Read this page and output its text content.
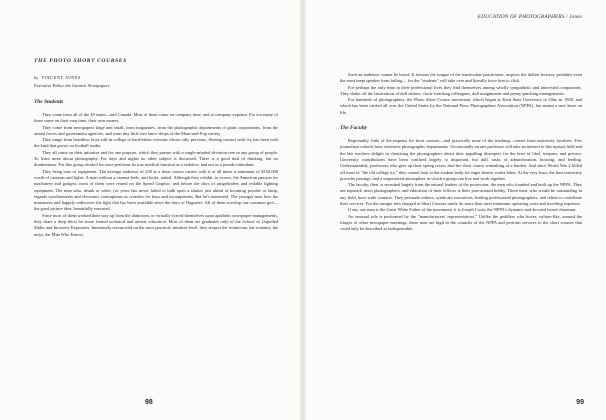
THE PHOTO SHORT COURSES
by VINCENT JONES
Executive Editor the Gannett Newspapers
The Students

They come from all of the 48 states—and Canada. Most of them come on company time, and at company expense. Far too many of them come on their own time, their own money.

They come from newspapers large and small, from magazines, from the photographic departments of giant corporations, from the armed forces and government agencies, and from tiny little free lance shops of the Mom-and-Pop variety.

They range from beardless boys still in college to hard-bitten veterans whose only previous, fleeting contact with ivy has been with the kind that grows on football stadia.

They all come on their initiative and for one purpose, which they pursue with a single-minded devotion rare in any group of people: To learn more about photography. For days and nights no other subject is discussed. There is a good deal of drinking, but no drunkenness. For this group alcohol for once performs its true medical function as a sedative, and not as a pseudo-stimulant.

They bring tons of equipment. The average audience of 250 at a short course carries with it at all times a minimum of $150,000 worth of cameras and lights. A man without a camera feels, and looks, naked. Although they exhibit, to excess, the American passion for machinery and gadgets, most of them were reared on the Speed Graphic, and before the days of rangefinders and reliable lighting equipment. The man who, drunk or sober, (or years has never failed to bulb open a shutter just ahead of booming powder or lamp, regards synchronizers and electronic contraptions as crutches for boys and incompetents. But he's interested. The younger men love the miniatures and happily rediscover the light that has been available since the days of Daguerre. All of them worship one common god—the good picture idea, beautifully executed.

Since most of them worked their way up from the darkroom, or virtually forced themselves upon apathetic newspaper managements, they share a deep thirst for more formal technical and artistic education. Most of them are graduates only of the School of Unpulled Slides and Incorrect Exposures. Immensely resourceful on the most practical, intuitive level, they respect the technician, the scientist, the artist, the Man Who Knows.

98
EDUCATION OF PHOTOGRAPHERS / Jones

Such an audience cannot be bored. It loosens the tongue of the inarticulate practitioner, inspires the dullest lecturer, prohibits even the most inept speaker from failing— for the "students" will take over and literally force him to click.

For perhaps the only time in their professional lives they find themselves among wholly sympathetic and interested companions. They shake off the frustrations of dull editors, clock-watching colleagues, dull assignments and penny-pinching managements.

For hundreds of photographers, the Photo Short Course movement, which began at Kent State University in Ohio in 1938, and which has been carried all over the United States by the National Press Photographers Association (NPPA), has meant a new lease on life.

The Faculty

Regrettably, little of the impetus for short courses—and practically none of the teaching—comes from university faculties. Few journalism schools have extensive photographic departments. Occasionally an arts professor will take an interest in this upstart field and the law teachers delight in chastising the photographers about their appalling disrespect for the laws of libel, trespass, and privacy. University contributions have been confined largely to important, but dull, tasks of administration, housing, and feeding. Understandably, professors who give up their spring recess find the short course something of a burden. And since World War 2 killed off most of "the old college try," they cannot look to the student body for eager beaver coolie labor. At the very least, the host university provides prestige, and a sequestered atmosphere in which a group can live and work together.

The faculty, then, is recruited largely from the natural leaders of the profession, the men who founded and built up the NPPA. They are topnotch news photographers, and education of their fellows is their year-around hobby. These men, who would be outstanding in any field, have wide contacts. They persuade editors, syndicate executives, leading professional photographers, and others to contribute their services. For the meager fees charged at Short Courses rarely do more than meet minimum operating costs and traveling expenses.

If any one man is the Great White Father of the movement, it is Joseph Costa, the NPPA's dynamic and devoted board chairman.

An unusual role is performed by the "manufacturers' representatives." Unlike the peddlers who hover, vulture-like, around the fringes of other newspaper meetings, these men are high in the councils of the NPPA and perform services to the short courses that could only be described as indispensable.

99
